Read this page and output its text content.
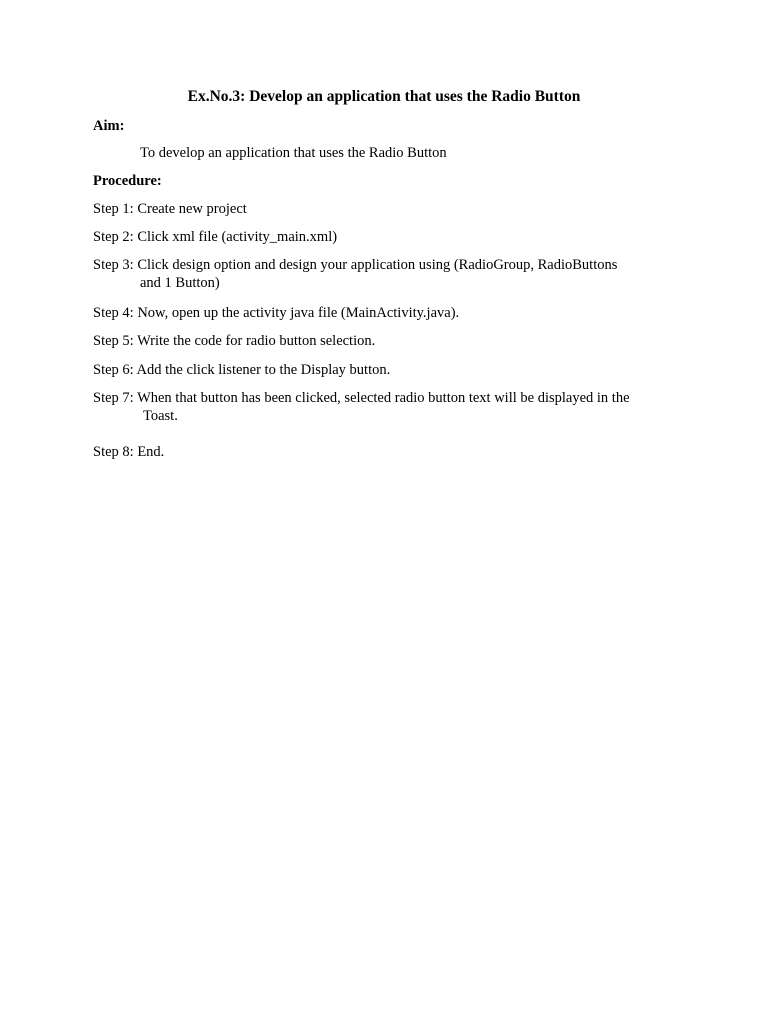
Ex.No.3: Develop an application that uses the Radio Button
Aim:
To develop an application that uses the Radio Button
Procedure:
Step 1: Create new project
Step 2: Click xml file (activity_main.xml)
Step 3: Click design option and design your application using (RadioGroup, RadioButtons
and 1 Button)
Step 4: Now, open up the activity java file (MainActivity.java).
Step 5: Write the code for radio button selection.
Step 6: Add the click listener to the Display button.
Step 7: When that button has been clicked, selected radio button text will be displayed in the
Toast.
Step 8: End.
